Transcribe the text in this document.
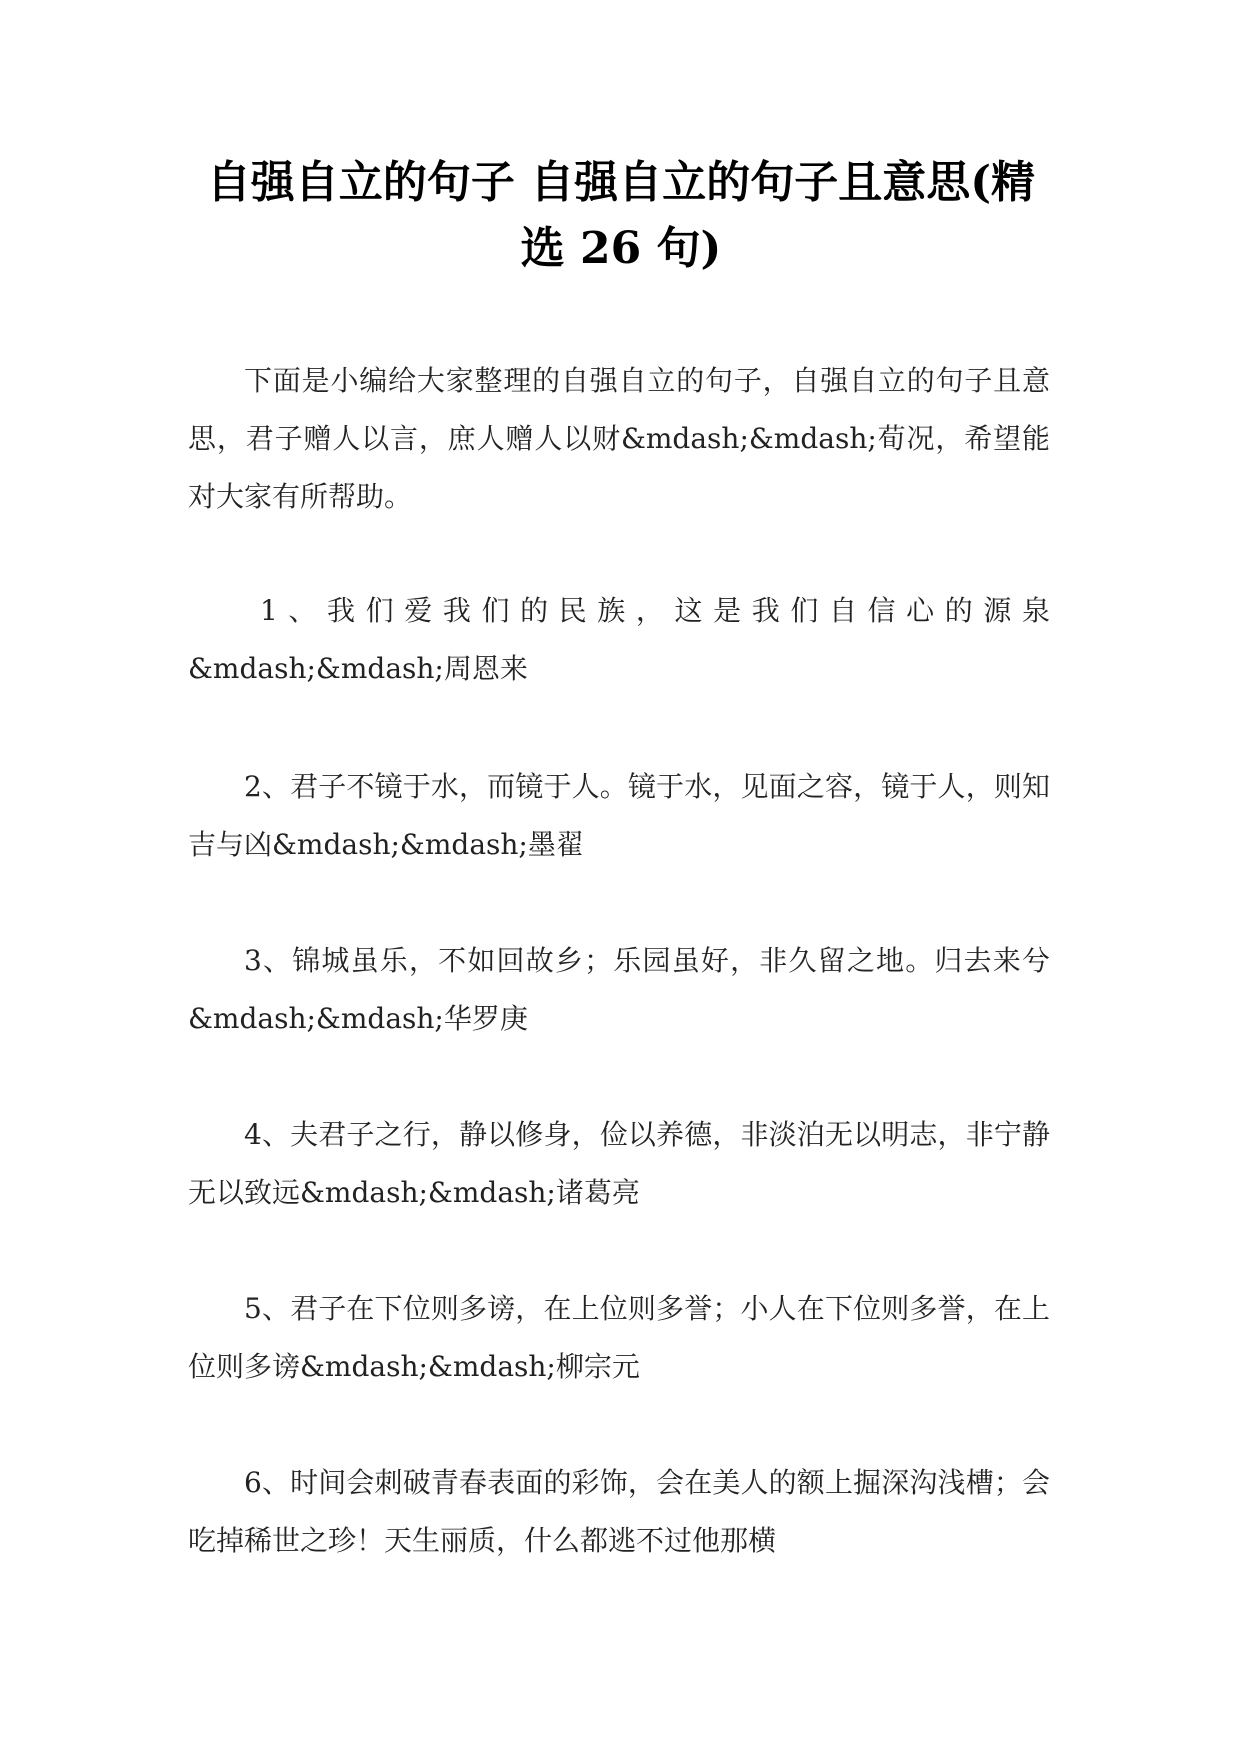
自强自立的句子 自强自立的句子且意思(精
选 26 句)

下面是小编给大家整理的自强自立的句子，自强自立的句子且意思，君子赠人以言，庶人赠人以财&mdash;&mdash;荀况，希望能对大家有所帮助。

1、我们爱我们的民族，这是我们自信心的源泉&mdash;&mdash;周恩来

2、君子不镜于水，而镜于人。镜于水，见面之容，镜于人，则知吉与凶&mdash;&mdash;墨翟

3、锦城虽乐，不如回故乡；乐园虽好，非久留之地。归去来兮&mdash;&mdash;华罗庚

4、夫君子之行，静以修身，俭以养德，非淡泊无以明志，非宁静无以致远&mdash;&mdash;诸葛亮

5、君子在下位则多谤，在上位则多誉；小人在下位则多誉，在上位则多谤&mdash;&mdash;柳宗元

6、时间会刺破青春表面的彩饰，会在美人的额上掘深沟浅槽；会吃掉稀世之珍！天生丽质，什么都逃不过他那横
